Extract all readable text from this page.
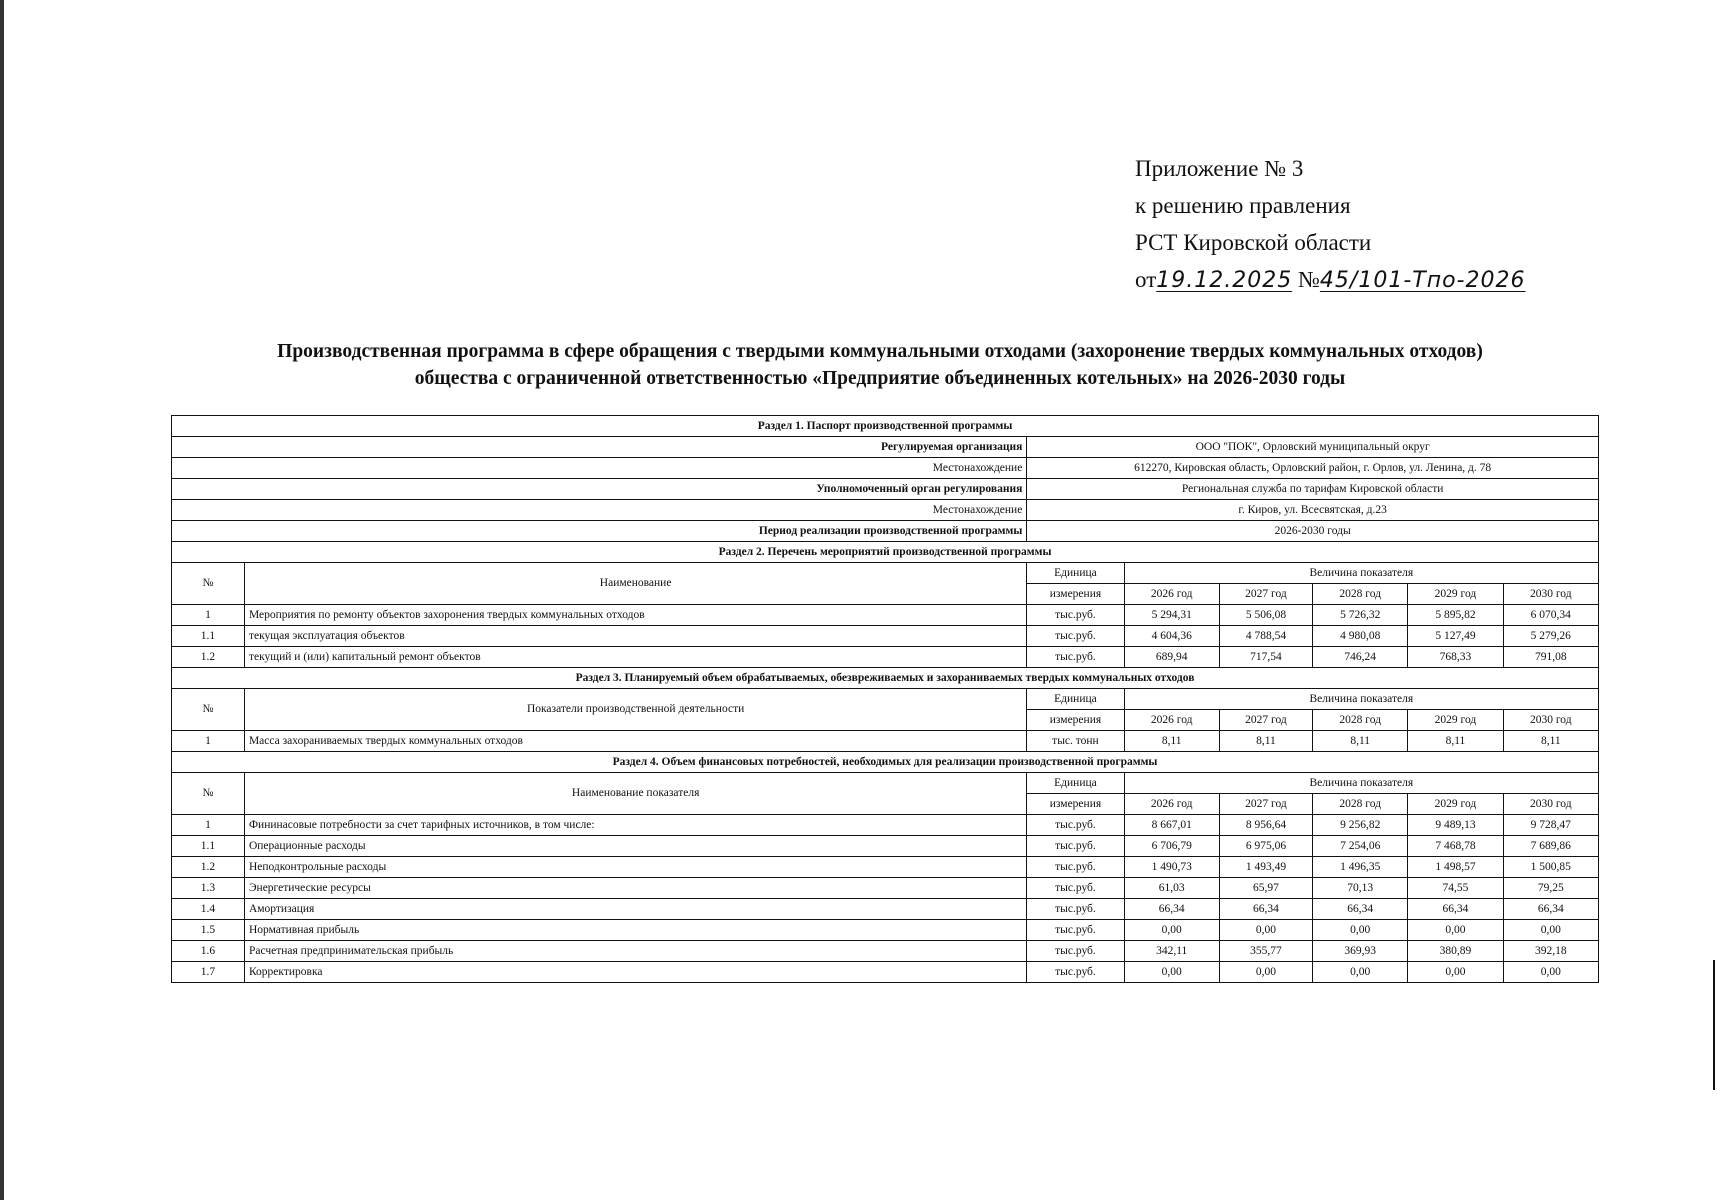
Приложение № 3
к решению правления
РСТ Кировской области
от19.12.2025 №45/101-Тпо-2026
Производственная программа в сфере обращения с твердыми коммунальными отходами (захоронение твердых коммунальных отходов)
общества с ограниченной ответственностью «Предприятие объединенных котельных» на 2026-2030 годы
Раздел 1. Паспорт производственной программы							
Регулируемая организация		ООО "ПОК", Орловский муниципальный округ					
Местонахождение		612270, Кировская область, Орловский район, г. Орлов, ул. Ленина, д. 78					
Уполномоченный орган регулирования		Региональная служба по тарифам Кировской области					
Местонахождение		г. Киров, ул. Всесвятская, д.23					
Период реализации производственной программы		2026-2030 годы					
Раздел 2. Перечень мероприятий производственной программы							
№	Наименование	Единица	Величина показателя				
		измерения	2026 год	2027 год	2028 год	2029 год	2030 год
1	Мероприятия по ремонту объектов захоронения твердых коммунальных отходов	тыс.руб.	5 294,31	5 506,08	5 726,32	5 895,82	6 070,34
1.1	текущая эксплуатация объектов	тыс.руб.	4 604,36	4 788,54	4 980,08	5 127,49	5 279,26
1.2	текущий и (или) капитальный ремонт объектов	тыс.руб.	689,94	717,54	746,24	768,33	791,08
Раздел 3. Планируемый объем обрабатываемых, обезвреживаемых и захораниваемых твердых коммунальных отходов							
№	Показатели производственной деятельности	Единица	Величина показателя				
		измерения	2026 год	2027 год	2028 год	2029 год	2030 год
1	Масса захораниваемых твердых коммунальных отходов	тыс. тонн	8,11	8,11	8,11	8,11	8,11
Раздел 4. Объем финансовых потребностей, необходимых для реализации производственной программы							
№	Наименование показателя	Единица	Величина показателя				
		измерения	2026 год	2027 год	2028 год	2029 год	2030 год
1	Фининасовые потребности за счет тарифных источников, в том числе:	тыс.руб.	8 667,01	8 956,64	9 256,82	9 489,13	9 728,47
1.1	Операционные расходы	тыс.руб.	6 706,79	6 975,06	7 254,06	7 468,78	7 689,86
1.2	Неподконтрольные расходы	тыс.руб.	1 490,73	1 493,49	1 496,35	1 498,57	1 500,85
1.3	Энергетические ресурсы	тыс.руб.	61,03	65,97	70,13	74,55	79,25
1.4	Амортизация	тыс.руб.	66,34	66,34	66,34	66,34	66,34
1.5	Нормативная прибыль	тыс.руб.	0,00	0,00	0,00	0,00	0,00
1.6	Расчетная предпринимательская прибыль	тыс.руб.	342,11	355,77	369,93	380,89	392,18
1.7	Корректировка	тыс.руб.	0,00	0,00	0,00	0,00	0,00
